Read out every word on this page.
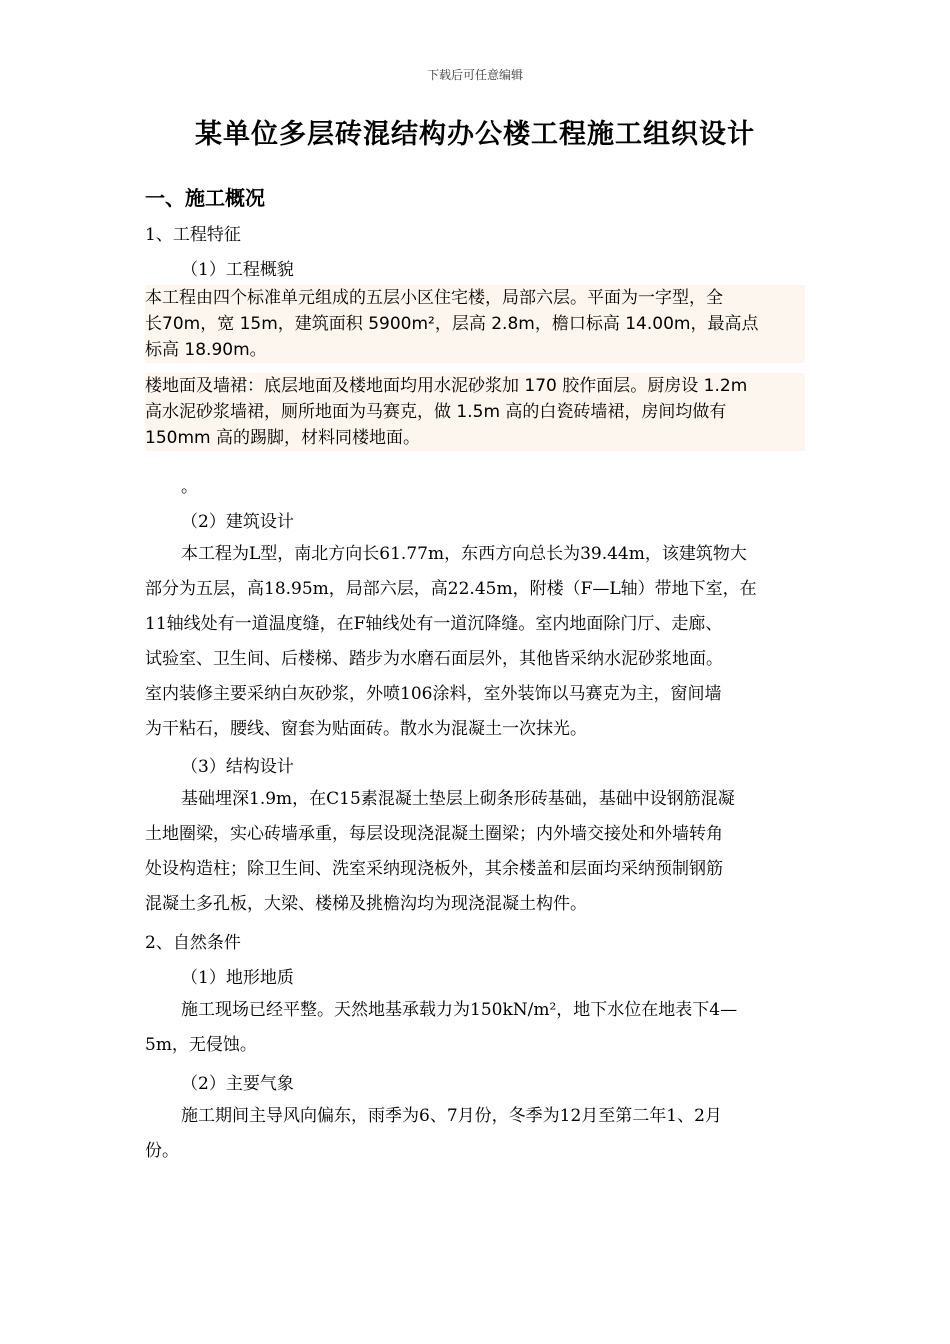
下载后可任意编辑
某单位多层砖混结构办公楼工程施工组织设计
一、施工概况
1、工程特征
（1）工程概貌
本工程由四个标准单元组成的五层小区住宅楼，局部六层。平面为一字型，全
长70m，宽 15m，建筑面积 5900m²，层高 2.8m，檐口标高 14.00m，最高点
标高 18.90m。
楼地面及墙裙：底层地面及楼地面均用水泥砂浆加 170 胶作面层。厨房设 1.2m
高水泥砂浆墙裙，厕所地面为马赛克，做 1.5m 高的白瓷砖墙裙，房间均做有
150mm 高的踢脚，材料同楼地面。
。
（2）建筑设计
本工程为L型，南北方向长61.77m，东西方向总长为39.44m，该建筑物大
部分为五层，高18.95m，局部六层，高22.45m，附楼（F—L轴）带地下室，在
11轴线处有一道温度缝，在F轴线处有一道沉降缝。室内地面除门厅、走廊、
试验室、卫生间、后楼梯、踏步为水磨石面层外，其他皆采纳水泥砂浆地面。
室内装修主要采纳白灰砂浆，外喷106涂料，室外装饰以马赛克为主，窗间墙
为干粘石，腰线、窗套为贴面砖。散水为混凝土一次抹光。
（3）结构设计
基础埋深1.9m，在C15素混凝土垫层上砌条形砖基础，基础中设钢筋混凝
土地圈梁，实心砖墙承重，每层设现浇混凝土圈梁；内外墙交接处和外墙转角
处设构造柱；除卫生间、洗室采纳现浇板外，其余楼盖和层面均采纳预制钢筋
混凝土多孔板，大梁、楼梯及挑檐沟均为现浇混凝土构件。
2、自然条件
（1）地形地质
施工现场已经平整。天然地基承载力为150kN/m²，地下水位在地表下4—
5m，无侵蚀。
（2）主要气象
施工期间主导风向偏东，雨季为6、7月份，冬季为12月至第二年1、2月
份。
